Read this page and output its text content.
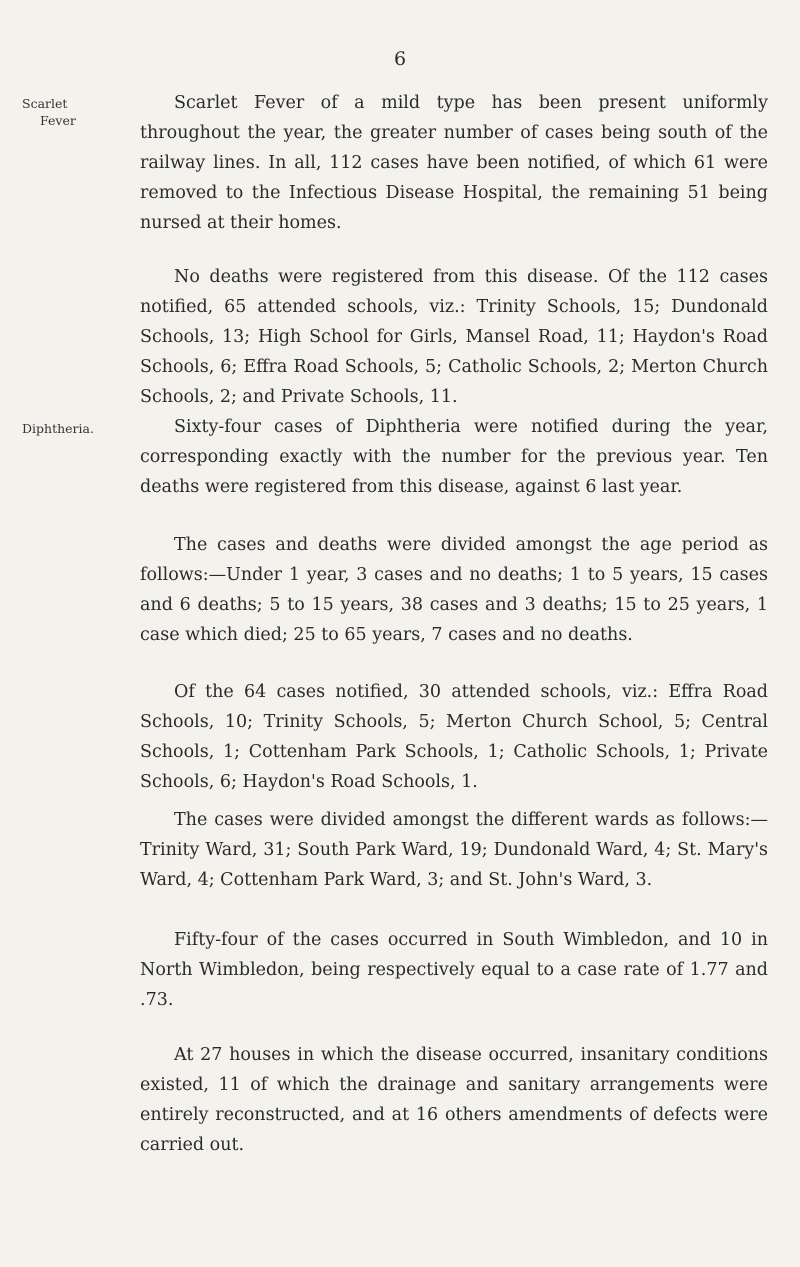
6
Scarlet
Fever
Diphtheria.

Scarlet Fever of a mild type has been present uniformly throughout the year, the greater number of cases being south of the railway lines. In all, 112 cases have been notified, of which 61 were removed to the Infectious Disease Hospital, the remaining 51 being nursed at their homes.

No deaths were registered from this disease. Of the 112 cases notified, 65 attended schools, viz.: Trinity Schools, 15; Dundonald Schools, 13; High School for Girls, Mansel Road, 11; Haydon's Road Schools, 6; Effra Road Schools, 5; Catholic Schools, 2; Merton Church Schools, 2; and Private Schools, 11.

Sixty-four cases of Diphtheria were notified during the year, corresponding exactly with the number for the previous year. Ten deaths were registered from this disease, against 6 last year.

The cases and deaths were divided amongst the age period as follows:—Under 1 year, 3 cases and no deaths; 1 to 5 years, 15 cases and 6 deaths; 5 to 15 years, 38 cases and 3 deaths; 15 to 25 years, 1 case which died; 25 to 65 years, 7 cases and no deaths.

Of the 64 cases notified, 30 attended schools, viz.: Effra Road Schools, 10; Trinity Schools, 5; Merton Church School, 5; Central Schools, 1; Cottenham Park Schools, 1; Catholic Schools, 1; Private Schools, 6; Haydon's Road Schools, 1.

The cases were divided amongst the different wards as follows:—Trinity Ward, 31; South Park Ward, 19; Dundonald Ward, 4; St. Mary's Ward, 4; Cottenham Park Ward, 3; and St. John's Ward, 3.

Fifty-four of the cases occurred in South Wimbledon, and 10 in North Wimbledon, being respectively equal to a case rate of 1.77 and .73.

At 27 houses in which the disease occurred, insanitary conditions existed, 11 of which the drainage and sanitary arrangements were entirely reconstructed, and at 16 others amendments of defects were carried out.
